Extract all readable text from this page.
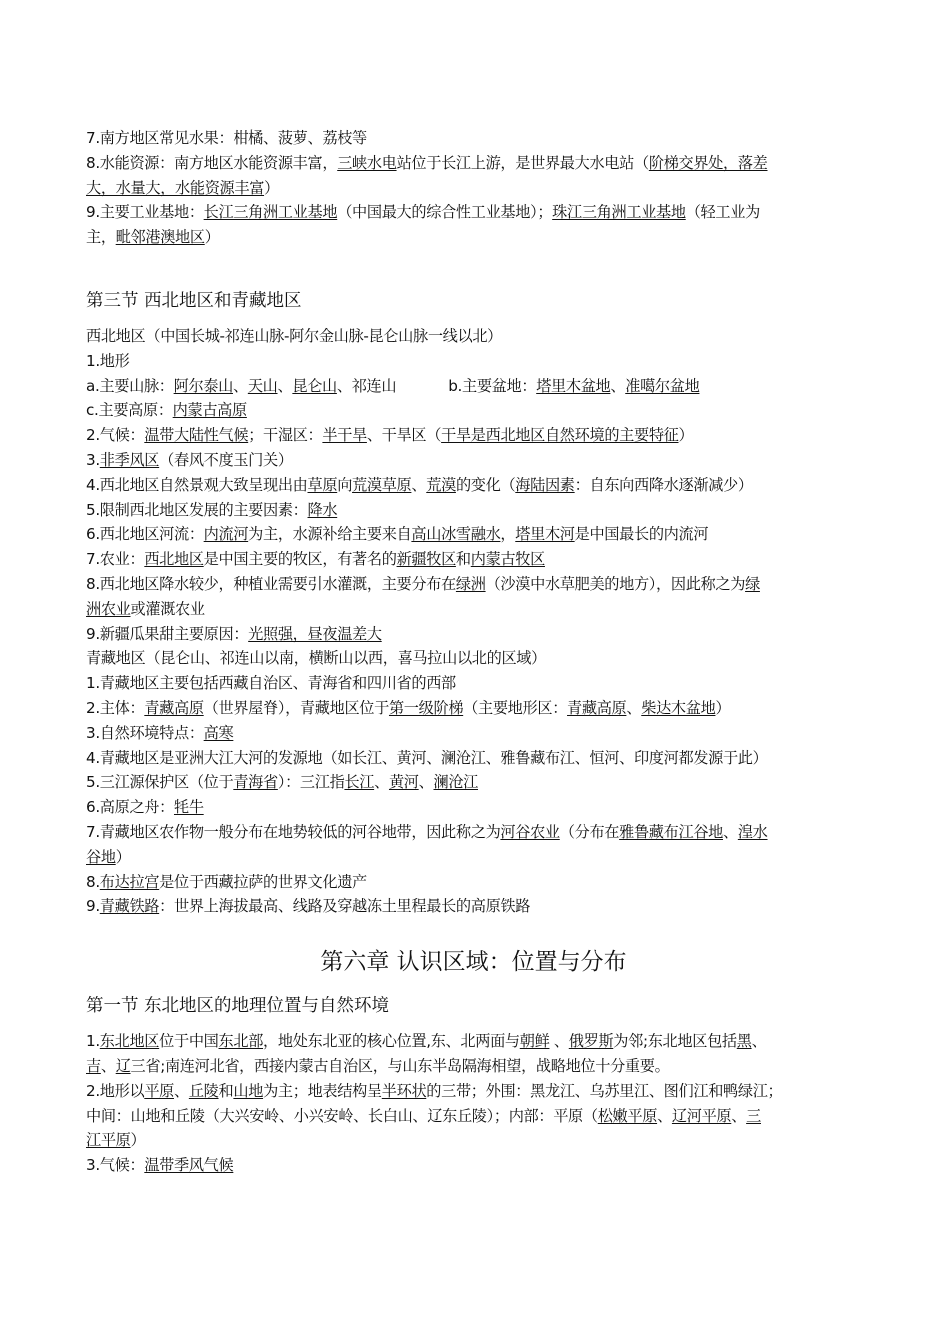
7.南方地区常见水果：柑橘、菠萝、荔枝等
8.水能资源：南方地区水能资源丰富，三峡水电站位于长江上游，是世界最大水电站（阶梯交界处，落差
大，水量大，水能资源丰富）
9.主要工业基地：长江三角洲工业基地（中国最大的综合性工业基地）；珠江三角洲工业基地（轻工业为
主，毗邻港澳地区）
第三节 西北地区和青藏地区
西北地区（中国长城-祁连山脉-阿尔金山脉-昆仑山脉一线以北）
1.地形
a.主要山脉：阿尔泰山、天山、昆仑山、祁连山	b.主要盆地：塔里木盆地、准噶尔盆地
c.主要高原：内蒙古高原
2.气候：温带大陆性气候；干湿区：半干旱、干旱区（干旱是西北地区自然环境的主要特征）
3.非季风区（春风不度玉门关）
4.西北地区自然景观大致呈现出由草原向荒漠草原、荒漠的变化（海陆因素：自东向西降水逐渐减少）
5.限制西北地区发展的主要因素：降水
6.西北地区河流：内流河为主，水源补给主要来自高山冰雪融水，塔里木河是中国最长的内流河
7.农业：西北地区是中国主要的牧区，有著名的新疆牧区和内蒙古牧区
8.西北地区降水较少，种植业需要引水灌溉，主要分布在绿洲（沙漠中水草肥美的地方），因此称之为绿
洲农业或灌溉农业
9.新疆瓜果甜主要原因：光照强，昼夜温差大
青藏地区（昆仑山、祁连山以南，横断山以西，喜马拉山以北的区域）
1.青藏地区主要包括西藏自治区、青海省和四川省的西部
2.主体：青藏高原（世界屋脊），青藏地区位于第一级阶梯（主要地形区：青藏高原、柴达木盆地）
3.自然环境特点：高寒
4.青藏地区是亚洲大江大河的发源地（如长江、黄河、澜沧江、雅鲁藏布江、恒河、印度河都发源于此）
5.三江源保护区（位于青海省）：三江指长江、黄河、澜沧江
6.高原之舟：牦牛
7.青藏地区农作物一般分布在地势较低的河谷地带，因此称之为河谷农业（分布在雅鲁藏布江谷地、湟水
谷地）
8.布达拉宫是位于西藏拉萨的世界文化遗产
9.青藏铁路：世界上海拔最高、线路及穿越冻土里程最长的高原铁路
第六章 认识区域：位置与分布
第一节 东北地区的地理位置与自然环境
1.东北地区位于中国东北部，地处东北亚的核心位置,东、北两面与朝鲜 、俄罗斯为邻;东北地区包括黑、
吉、辽三省;南连河北省，西接内蒙古自治区，与山东半岛隔海相望，战略地位十分重要。
2.地形以平原、丘陵和山地为主；地表结构呈半环状的三带；外围：黑龙江、乌苏里江、图们江和鸭绿江；
中间：山地和丘陵（大兴安岭、小兴安岭、长白山、辽东丘陵）；内部：平原（松嫩平原、辽河平原、三
江平原）
3.气候：温带季风气候
